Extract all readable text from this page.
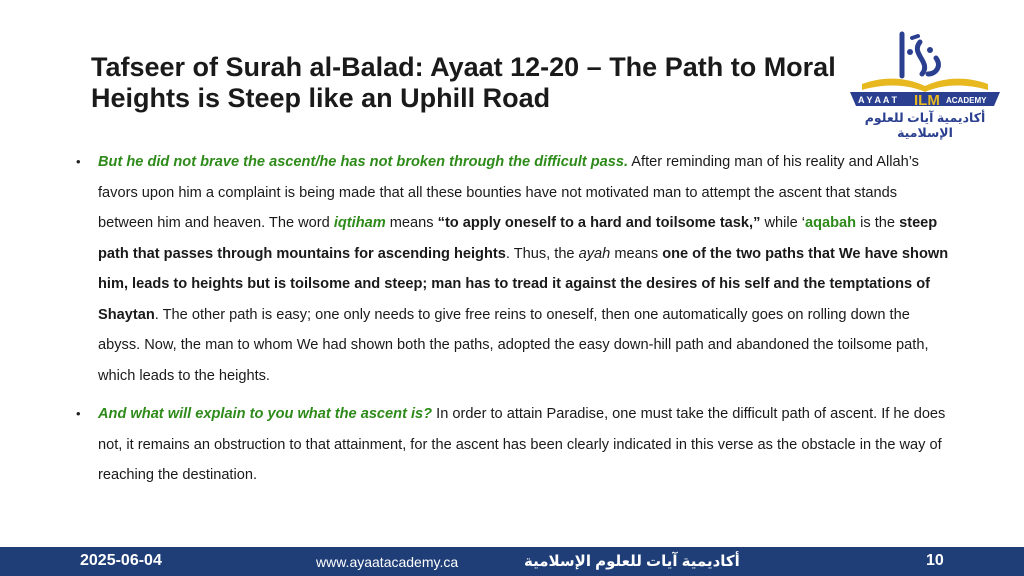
Tafseer of Surah al-Balad: Ayaat 12-20 – The Path to Moral Heights is Steep like an Uphill Road	A Y A A T ILM ACADEMY
أكاديمية آيات للعلوم الإسلامية
• But he did not brave the ascent/he has not broken through the difficult pass. After reminding man of his reality and Allah’s favors upon him a complaint is being made that all these bounties have not motivated man to attempt the ascent that stands between him and heaven. The word iqtiham means “to apply oneself to a hard and toilsome task,” while ‘aqabah is the steep path that passes through mountains for ascending heights. Thus, the ayah means one of the two paths that We have shown him, leads to heights but is toilsome and steep; man has to tread it against the desires of his self and the temptations of Shaytan. The other path is easy; one only needs to give free reins to oneself, then one automatically goes on rolling down the abyss. Now, the man to whom We had shown both the paths, adopted the easy down-hill path and abandoned the toilsome path, which leads to the heights.

• And what will explain to you what the ascent is? In order to attain Paradise, one must take the difficult path of ascent. If he does not, it remains an obstruction to that attainment, for the ascent has been clearly indicated in this verse as the obstacle in the way of reaching the destination.

2025-06-04	www.ayaatacademy.ca	أكاديمية آيات للعلوم الإسلامية	10
